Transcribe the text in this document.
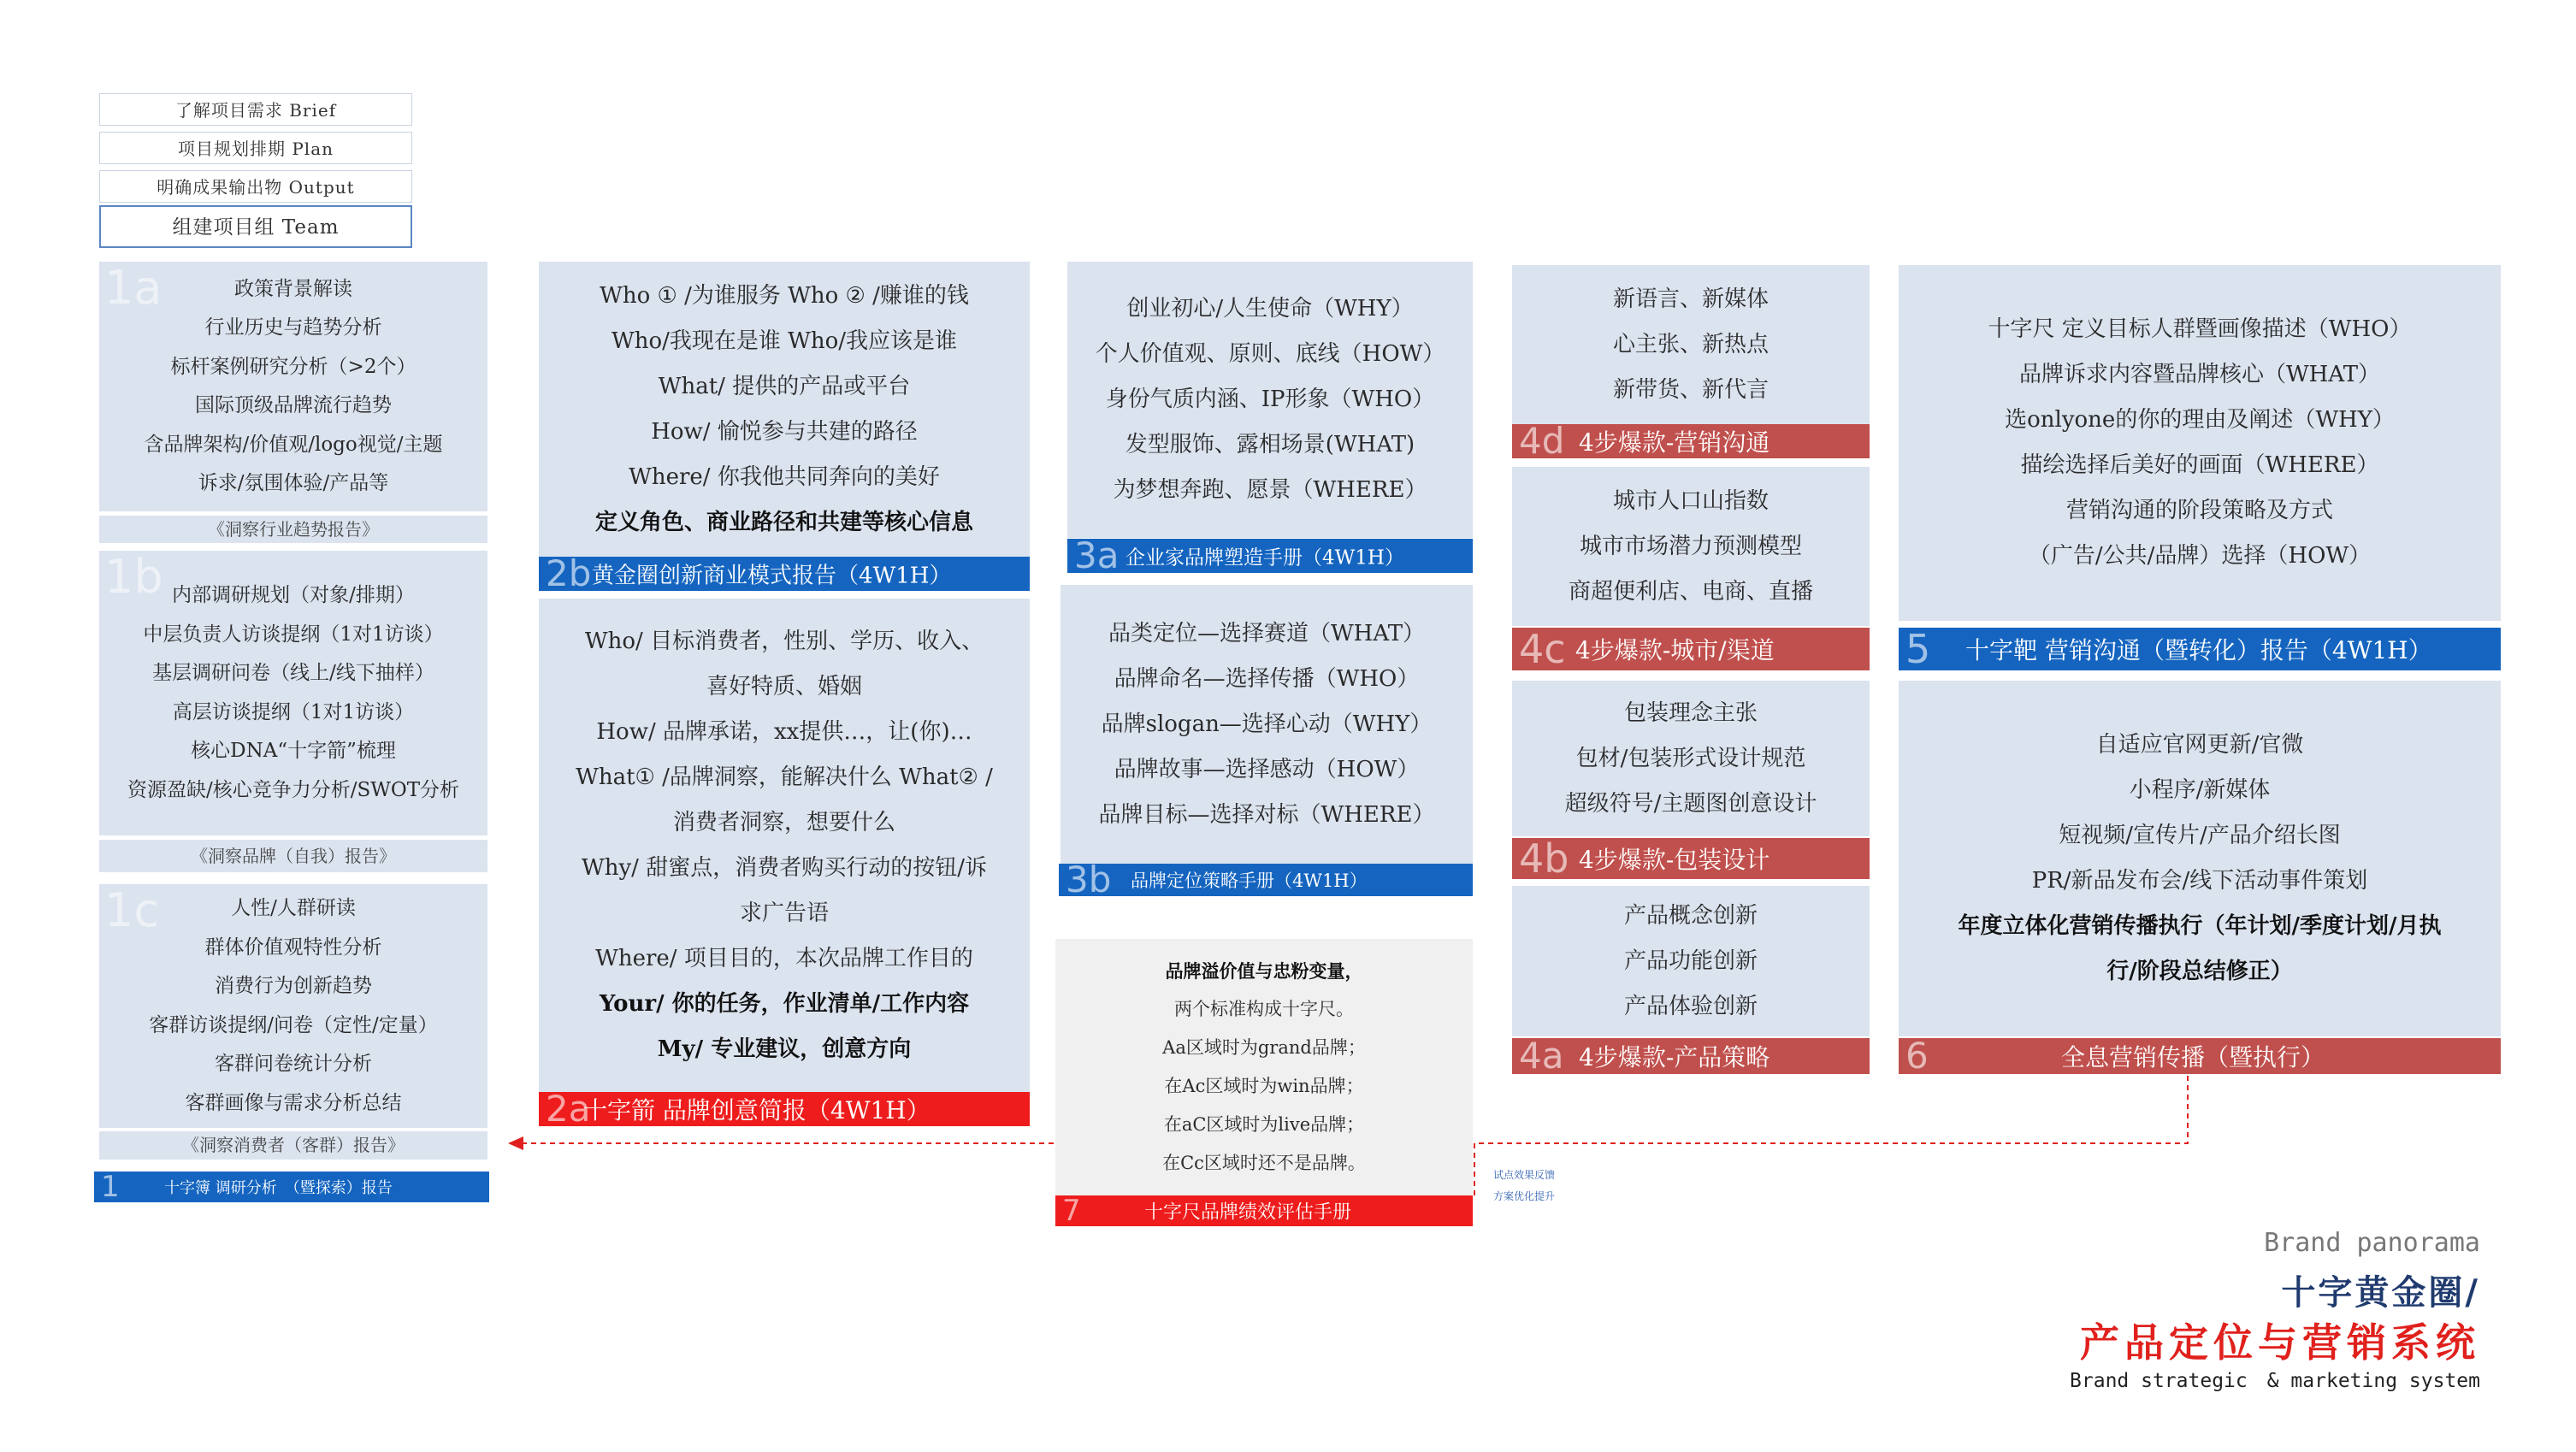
了解项目需求 Brief
项目规划排期 Plan
明确成果输出物 Output
组建项目组 Team
1a	政策背景解读
行业历史与趋势分析
标杆案例研究分析（>2个）
国际顶级品牌流行趋势
含品牌架构/价值观/logo视觉/主题
诉求/氛围体验/产品等
《洞察行业趋势报告》
1b 内部调研规划（对象/排期）
中层负责人访谈提纲（1对1访谈）
基层调研问卷（线上/线下抽样）
高层访谈提纲（1对1访谈）
核心DNA“十字箭”梳理
资源盈缺/核心竞争力分析/SWOT分析
《洞察品牌（自我）报告》
1c	人性/人群研读
群体价值观特性分析
消费行为创新趋势
客群访谈提纲/问卷（定性/定量）
客群问卷统计分析
客群画像与需求分析总结
《洞察消费者（客群）报告》
1	十字簿 调研分析　（暨探索）报告
Who ① /为谁服务 Who ② /赚谁的钱
Who/我现在是谁 Who/我应该是谁
What/ 提供的产品或平台
How/ 愉悦参与共建的路径
Where/ 你我他共同奔向的美好
定义角色、商业路径和共建等核心信息
2b 黄金圈创新商业模式报告（4W1H）
Who/ 目标消费者，性别、学历、收入、
喜好特质、婚姻
How/ 品牌承诺，xx提供…，让(你)…
What① /品牌洞察，能解决什么 What② /
消费者洞察，想要什么
Why/ 甜蜜点，消费者购买行动的按钮/诉
求广告语
Where/ 项目目的，本次品牌工作目的
Your/ 你的任务，作业清单/工作内容
My/ 专业建议，创意方向
2a
十字箭 品牌创意简报（4W1H）
创业初心/人生使命（WHY）
个人价值观、原则、底线（HOW）
身份气质内涵、IP形象（WHO）
发型服饰、露相场景(WHAT)
为梦想奔跑、愿景（WHERE）
3a 企业家品牌塑造手册（4W1H）
品类定位—选择赛道（WHAT）
品牌命名—选择传播（WHO）
品牌slogan—选择心动（WHY）
品牌故事—选择感动（HOW）
品牌目标—选择对标（WHERE）
3b 品牌定位策略手册（4W1H）
品牌溢价值与忠粉变量，
两个标准构成十字尺。
Aa区域时为grand品牌；
在Ac区域时为win品牌；
在aC区域时为live品牌；
在Cc区域时还不是品牌。
7	十字尺品牌绩效评估手册
新语言、新媒体
心主张、新热点
新带货、新代言
4d 4步爆款-营销沟通
城市人口山指数
城市市场潜力预测模型
商超便利店、电商、直播
4c 4步爆款-城市/渠道
包装理念主张
包材/包装形式设计规范
超级符号/主题图创意设计
4b 4步爆款-包装设计
产品概念创新
产品功能创新
产品体验创新
4a 4步爆款-产品策略
十字尺 定义目标人群暨画像描述（WHO）
品牌诉求内容暨品牌核心（WHAT）
选onlyone的你的理由及阐述（WHY）
描绘选择后美好的画面（WHERE）
营销沟通的阶段策略及方式
（广告/公共/品牌）选择（HOW）
5 十字靶 营销沟通（暨转化）报告（4W1H）
自适应官网更新/官微
小程序/新媒体
短视频/宣传片/产品介绍长图
PR/新品发布会/线下活动事件策划
年度立体化营销传播执行（年计划/季度计划/月执
行/阶段总结修正）
6	全息营销传播（暨执行）
试点效果反馈
方案优化提升
Brand panorama
十字黄金圈/
产品定位与营销系统
Brand strategic　& marketing system
